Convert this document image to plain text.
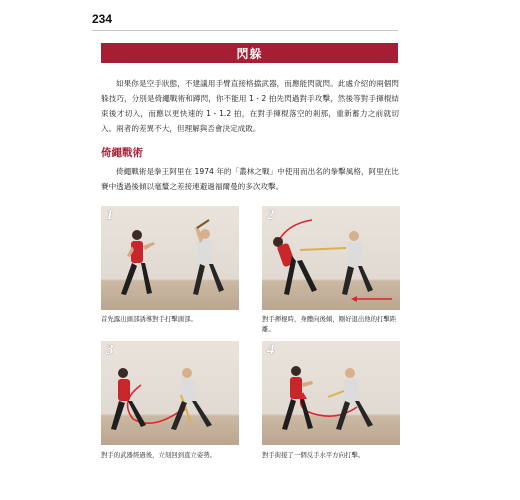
234
閃躲

如果你是空手狀態，不建議用手臂直接格擋武器，而應能閃就閃。此處介紹的兩個閃躲技巧，分別是倚繩戰術和蹲閃，你不能用 1 - 2 拍先閃過對手攻擊，然後等對手揮棍結束後才切入，而應以更快速的 1 - 1.2 拍，在對手揮棍落空的剎那，重新蓄力之前就切入。兩者的差異不大，但理解與否會決定成敗。

倚繩戰術

倚繩戰術是拳王阿里在 1974 年的「叢林之戰」中使用而出名的拳擊風格，阿里在比賽中透過後傾以毫釐之差接連避過福爾曼的多次攻擊。

1

首先露出頭部誘導對手打擊頭部。

2

對手揮棍時，身體向後傾，剛好退出他的打擊距離。

3

對手的武器經過後，立刻回到直立姿勢。

4

對手街接了一個反手水平方向打擊。
